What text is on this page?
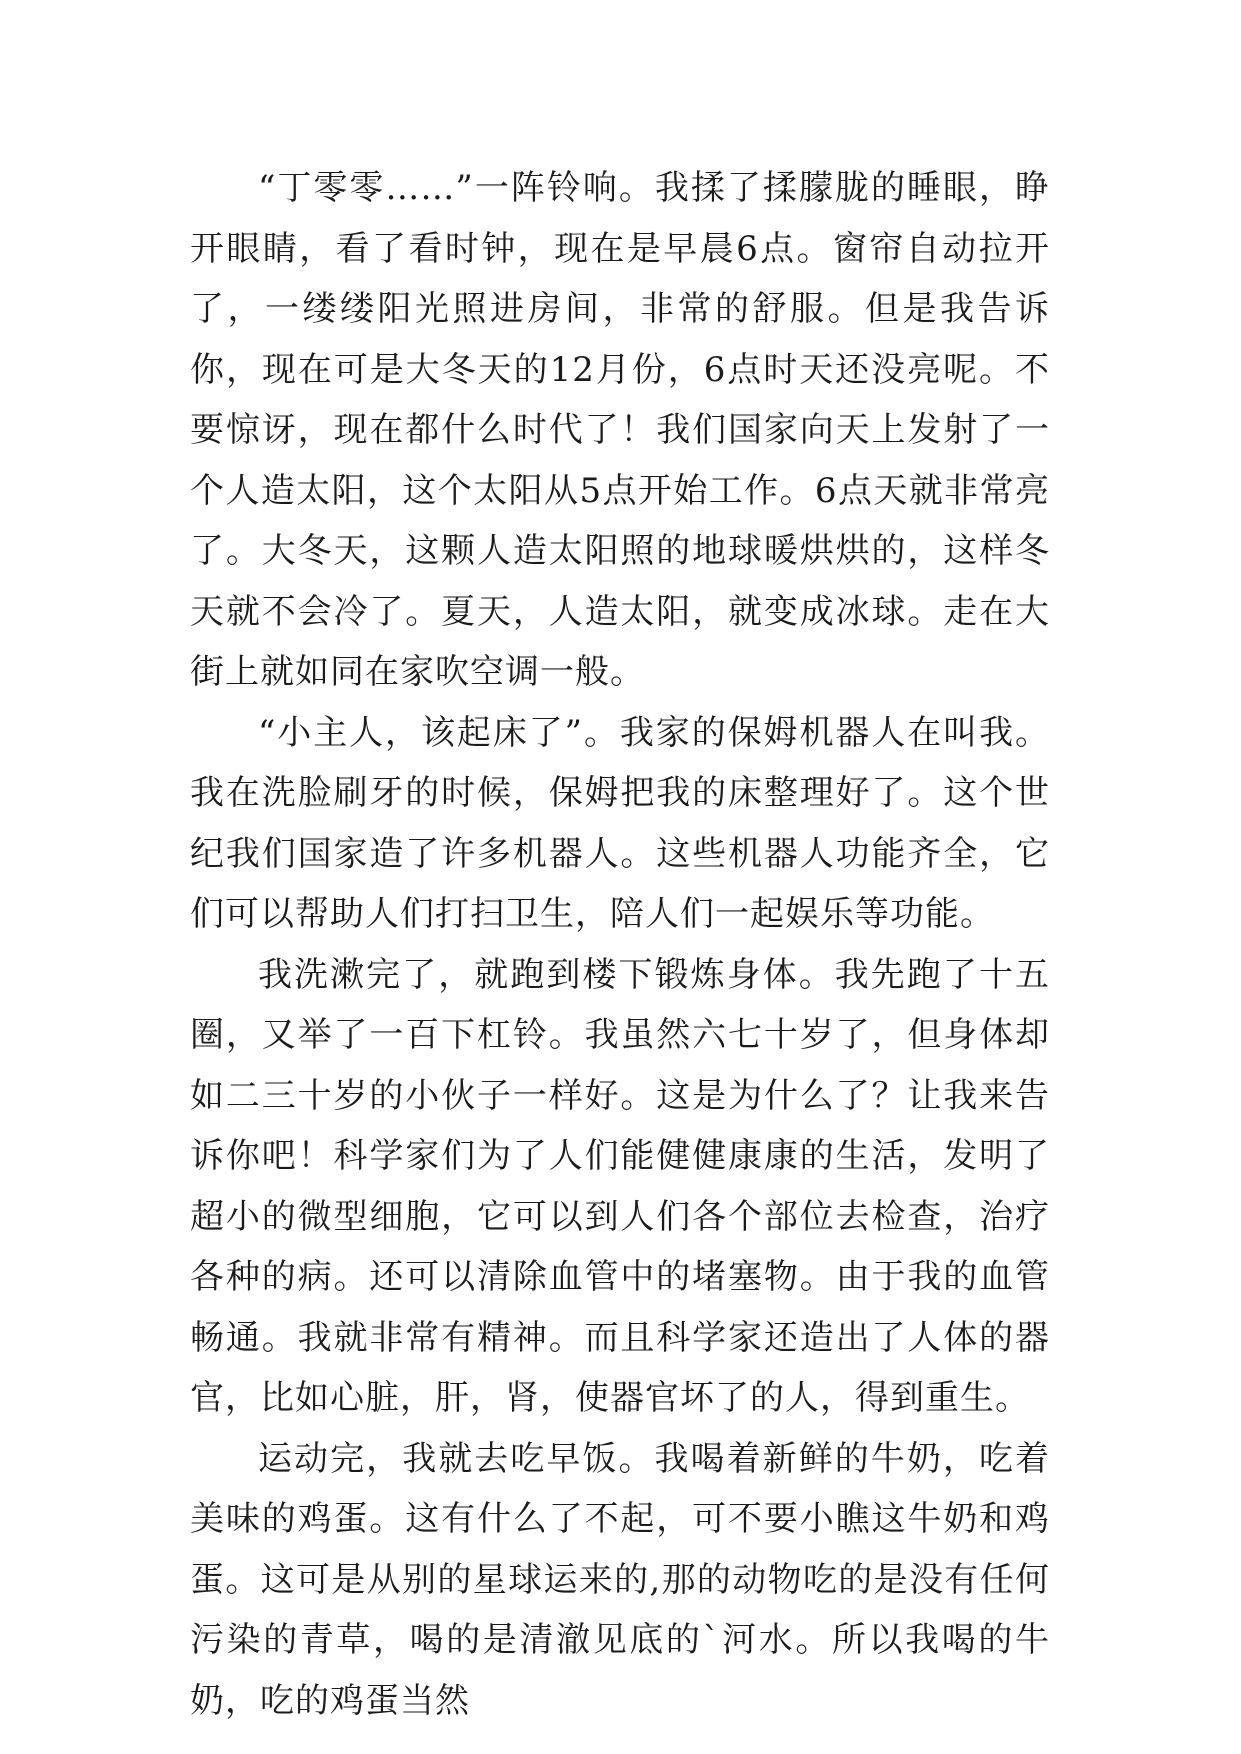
“丁零零……”一阵铃响。我揉了揉朦胧的睡眼，睁开眼睛，看了看时钟，现在是早晨6点。窗帘自动拉开了，一缕缕阳光照进房间，非常的舒服。但是我告诉你，现在可是大冬天的12月份，6点时天还没亮呢。不要惊讶，现在都什么时代了！我们国家向天上发射了一个人造太阳，这个太阳从5点开始工作。6点天就非常亮了。大冬天，这颗人造太阳照的地球暖烘烘的，这样冬天就不会冷了。夏天，人造太阳，就变成冰球。走在大街上就如同在家吹空调一般。

“小主人，该起床了”。我家的保姆机器人在叫我。我在洗脸刷牙的时候，保姆把我的床整理好了。这个世纪我们国家造了许多机器人。这些机器人功能齐全，它们可以帮助人们打扫卫生，陪人们一起娱乐等功能。

我洗漱完了，就跑到楼下锻炼身体。我先跑了十五圈，又举了一百下杠铃。我虽然六七十岁了，但身体却如二三十岁的小伙子一样好。这是为什么了？让我来告诉你吧！科学家们为了人们能健健康康的生活，发明了超小的微型细胞，它可以到人们各个部位去检查，治疗各种的病。还可以清除血管中的堵塞物。由于我的血管畅通。我就非常有精神。而且科学家还造出了人体的器官，比如心脏，肝，肾，使器官坏了的人，得到重生。

运动完，我就去吃早饭。我喝着新鲜的牛奶，吃着美味的鸡蛋。这有什么了不起，可不要小瞧这牛奶和鸡蛋。这可是从别的星球运来的,那的动物吃的是没有任何污染的青草，喝的是清澈见底的`河水。所以我喝的牛奶，吃的鸡蛋当然
